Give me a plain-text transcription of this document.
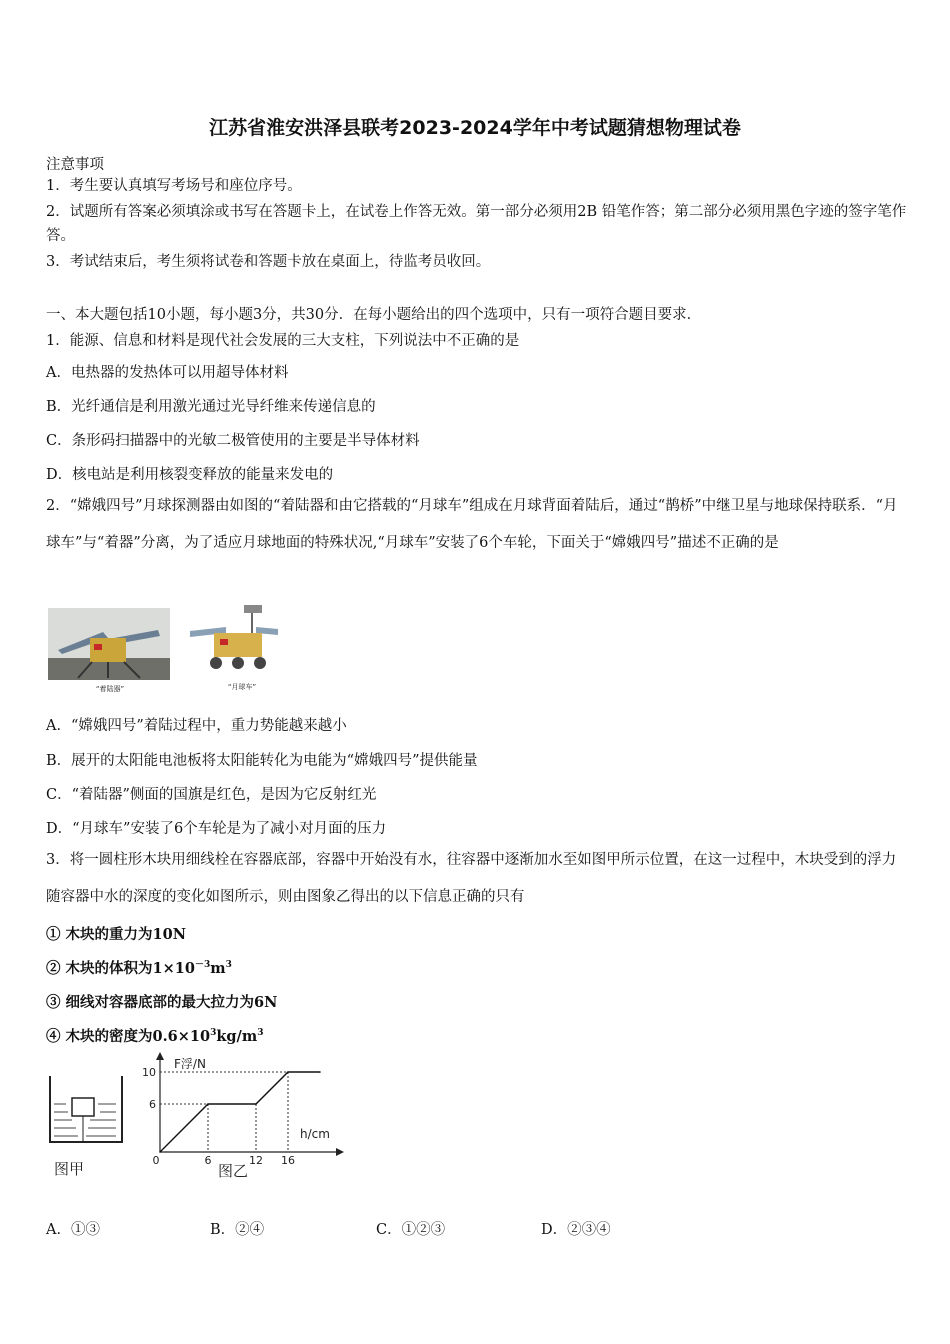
江苏省淮安洪泽县联考2023-2024学年中考试题猜想物理试卷
注意事项
1．考生要认真填写考场号和座位序号。
2．试题所有答案必须填涂或书写在答题卡上，在试卷上作答无效。第一部分必须用2B 铅笔作答；第二部分必须用黑色字迹的签字笔作答。
3．考试结束后，考生须将试卷和答题卡放在桌面上，待监考员收回。
一、本大题包括10小题，每小题3分，共30分．在每小题给出的四个选项中，只有一项符合题目要求．
1．能源、信息和材料是现代社会发展的三大支柱，下列说法中不正确的是
A．电热器的发热体可以用超导体材料
B．光纤通信是利用激光通过光导纤维来传递信息的
C．条形码扫描器中的光敏二极管使用的主要是半导体材料
D．核电站是利用核裂变释放的能量来发电的
2．“嫦娥四号”月球探测器由如图的“着陆器和由它搭载的“月球车”组成在月球背面着陆后，通过“鹊桥”中继卫星与地球保持联系．“月球车”与“着器”分离，为了适应月球地面的特殊状况,“月球车”安装了6个车轮，下面关于“嫦娥四号”描述不正确的是
“着陆器”	“月球车”
A．“嫦娥四号”着陆过程中，重力势能越来越小
B．展开的太阳能电池板将太阳能转化为电能为“嫦娥四号”提供能量
C．“着陆器”侧面的国旗是红色，是因为它反射红光
D．“月球车”安装了6个车轮是为了减小对月面的压力
3．将一圆柱形木块用细线栓在容器底部，容器中开始没有水，往容器中逐渐加水至如图甲所示位置，在这一过程中，木块受到的浮力随容器中水的深度的变化如图所示，则由图象乙得出的以下信息正确的只有
① 木块的重力为10N
② 木块的体积为$1\times 10^{-3}m^3$
③ 细线对容器底部的最大拉力为6N
④ 木块的密度为$0.6\times 10^3kg/m^3$
图甲
F浮/N
h/cm
6
10
0	6	12 16
图乙
A．①③	B．②④	C．①②③	D．②③④
